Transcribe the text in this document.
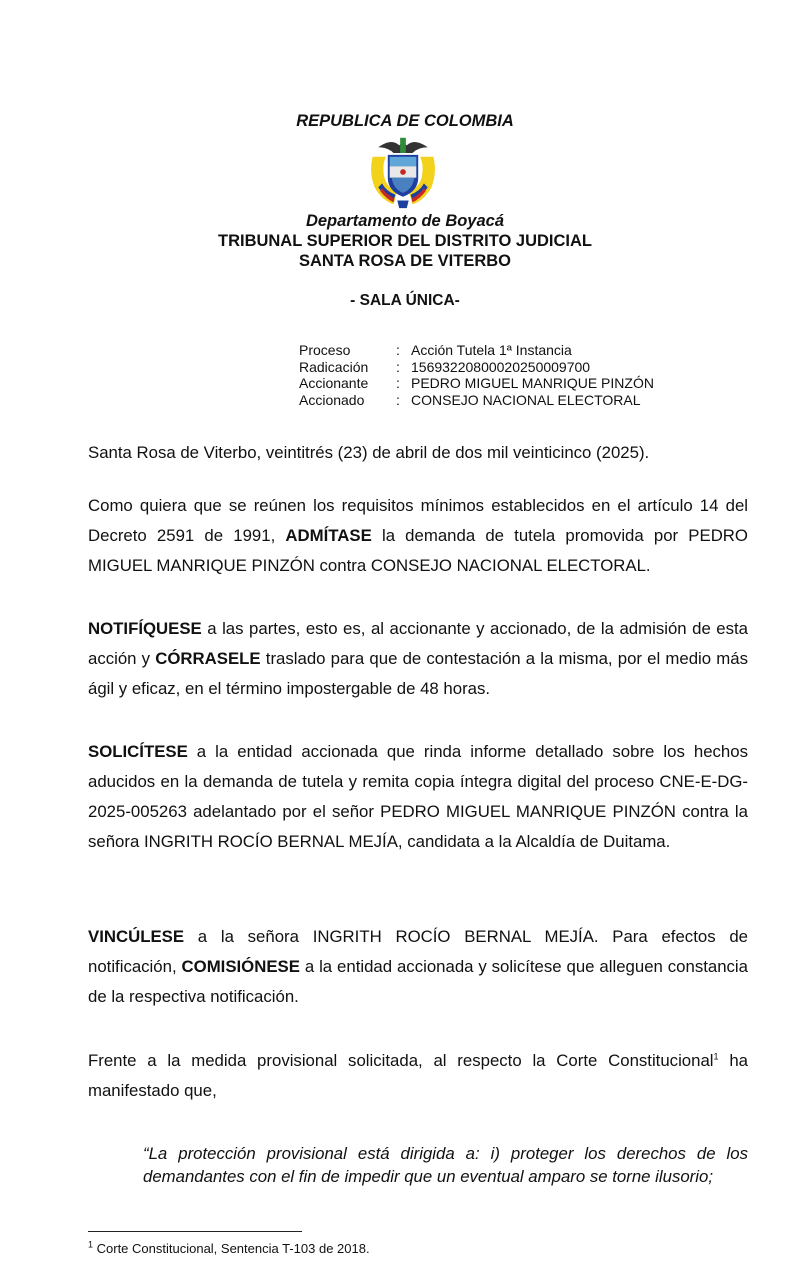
REPUBLICA DE COLOMBIA
Departamento de Boyacá
TRIBUNAL SUPERIOR DEL DISTRITO JUDICIAL
SANTA ROSA DE VITERBO
- SALA ÚNICA-
Proceso	: Acción Tutela 1ª Instancia
Radicación	: 15693220800020250009700
Accionante	: PEDRO MIGUEL MANRIQUE PINZÓN
Accionado	: CONSEJO NACIONAL ELECTORAL
Santa Rosa de Viterbo, veintitrés (23) de abril de dos mil veinticinco (2025).
Como quiera que se reúnen los requisitos mínimos establecidos en el artículo 14 del Decreto 2591 de 1991, ADMÍTASE la demanda de tutela promovida por PEDRO MIGUEL MANRIQUE PINZÓN contra CONSEJO NACIONAL ELECTORAL.
NOTIFÍQUESE a las partes, esto es, al accionante y accionado, de la admisión de esta acción y CÓRRASELE traslado para que de contestación a la misma, por el medio más ágil y eficaz, en el término impostergable de 48 horas.
SOLICÍTESE a la entidad accionada que rinda informe detallado sobre los hechos aducidos en la demanda de tutela y remita copia íntegra digital del proceso CNE-E-DG-2025-005263 adelantado por el señor PEDRO MIGUEL MANRIQUE PINZÓN contra la señora INGRITH ROCÍO BERNAL MEJÍA, candidata a la Alcaldía de Duitama.
VINCÚLESE a la señora INGRITH ROCÍO BERNAL MEJÍA. Para efectos de notificación, COMISIÓNESE a la entidad accionada y solicítese que alleguen constancia de la respectiva notificación.
Frente a la medida provisional solicitada, al respecto la Corte Constitucional$^1$ ha manifestado que,
“La protección provisional está dirigida a: i) proteger los derechos de los demandantes con el fin de impedir que un eventual amparo se torne ilusorio;
$^1$ Corte Constitucional, Sentencia T-103 de 2018.
